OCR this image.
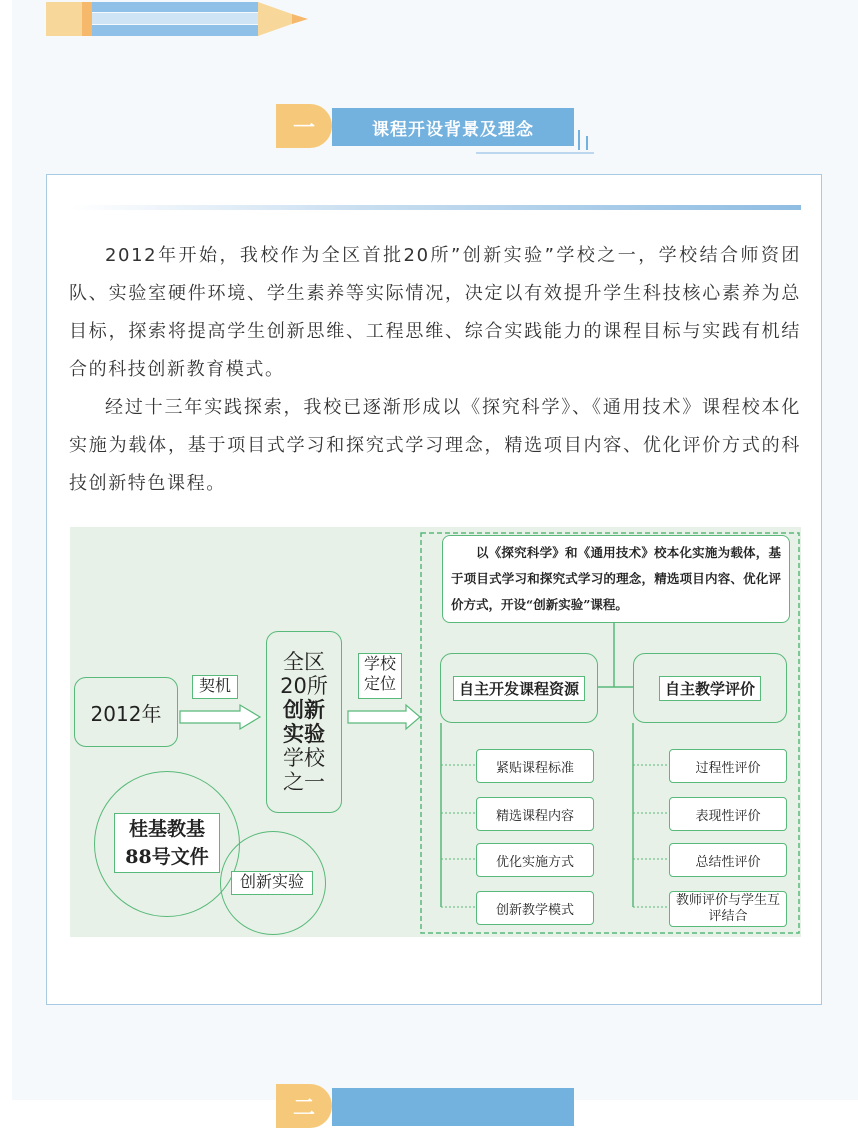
一	课程开设背景及理念

2012年开始，我校作为全区首批20所”创新实验”学校之一，学校结合师资团队、实验室硬件环境、学生素养等实际情况，决定以有效提升学生科技核心素养为总目标，探索将提高学生创新思维、工程思维、综合实践能力的课程目标与实践有机结合的科技创新教育模式。

经过十三年实践探索，我校已逐渐形成以《探究科学》、《通用技术》课程校本化实施为载体，基于项目式学习和探究式学习理念，精选项目内容、优化评价方式的科技创新特色课程。

2012年
契机
全区
20所
创新
实验
学校
之一
学校
定位
桂基教基
88号文件
创新实验
以《探究科学》和《通用技术》校本化实施为载体，基于项目式学习和探究式学习的理念，精选项目内容、优化评价方式，开设“创新实验”课程。
自主开发课程资源	自主教学评价
紧贴课程标准
精选课程内容
优化实施方式
创新教学模式
过程性评价
表现性评价
总结性评价
教师评价与学生互评结合
二
